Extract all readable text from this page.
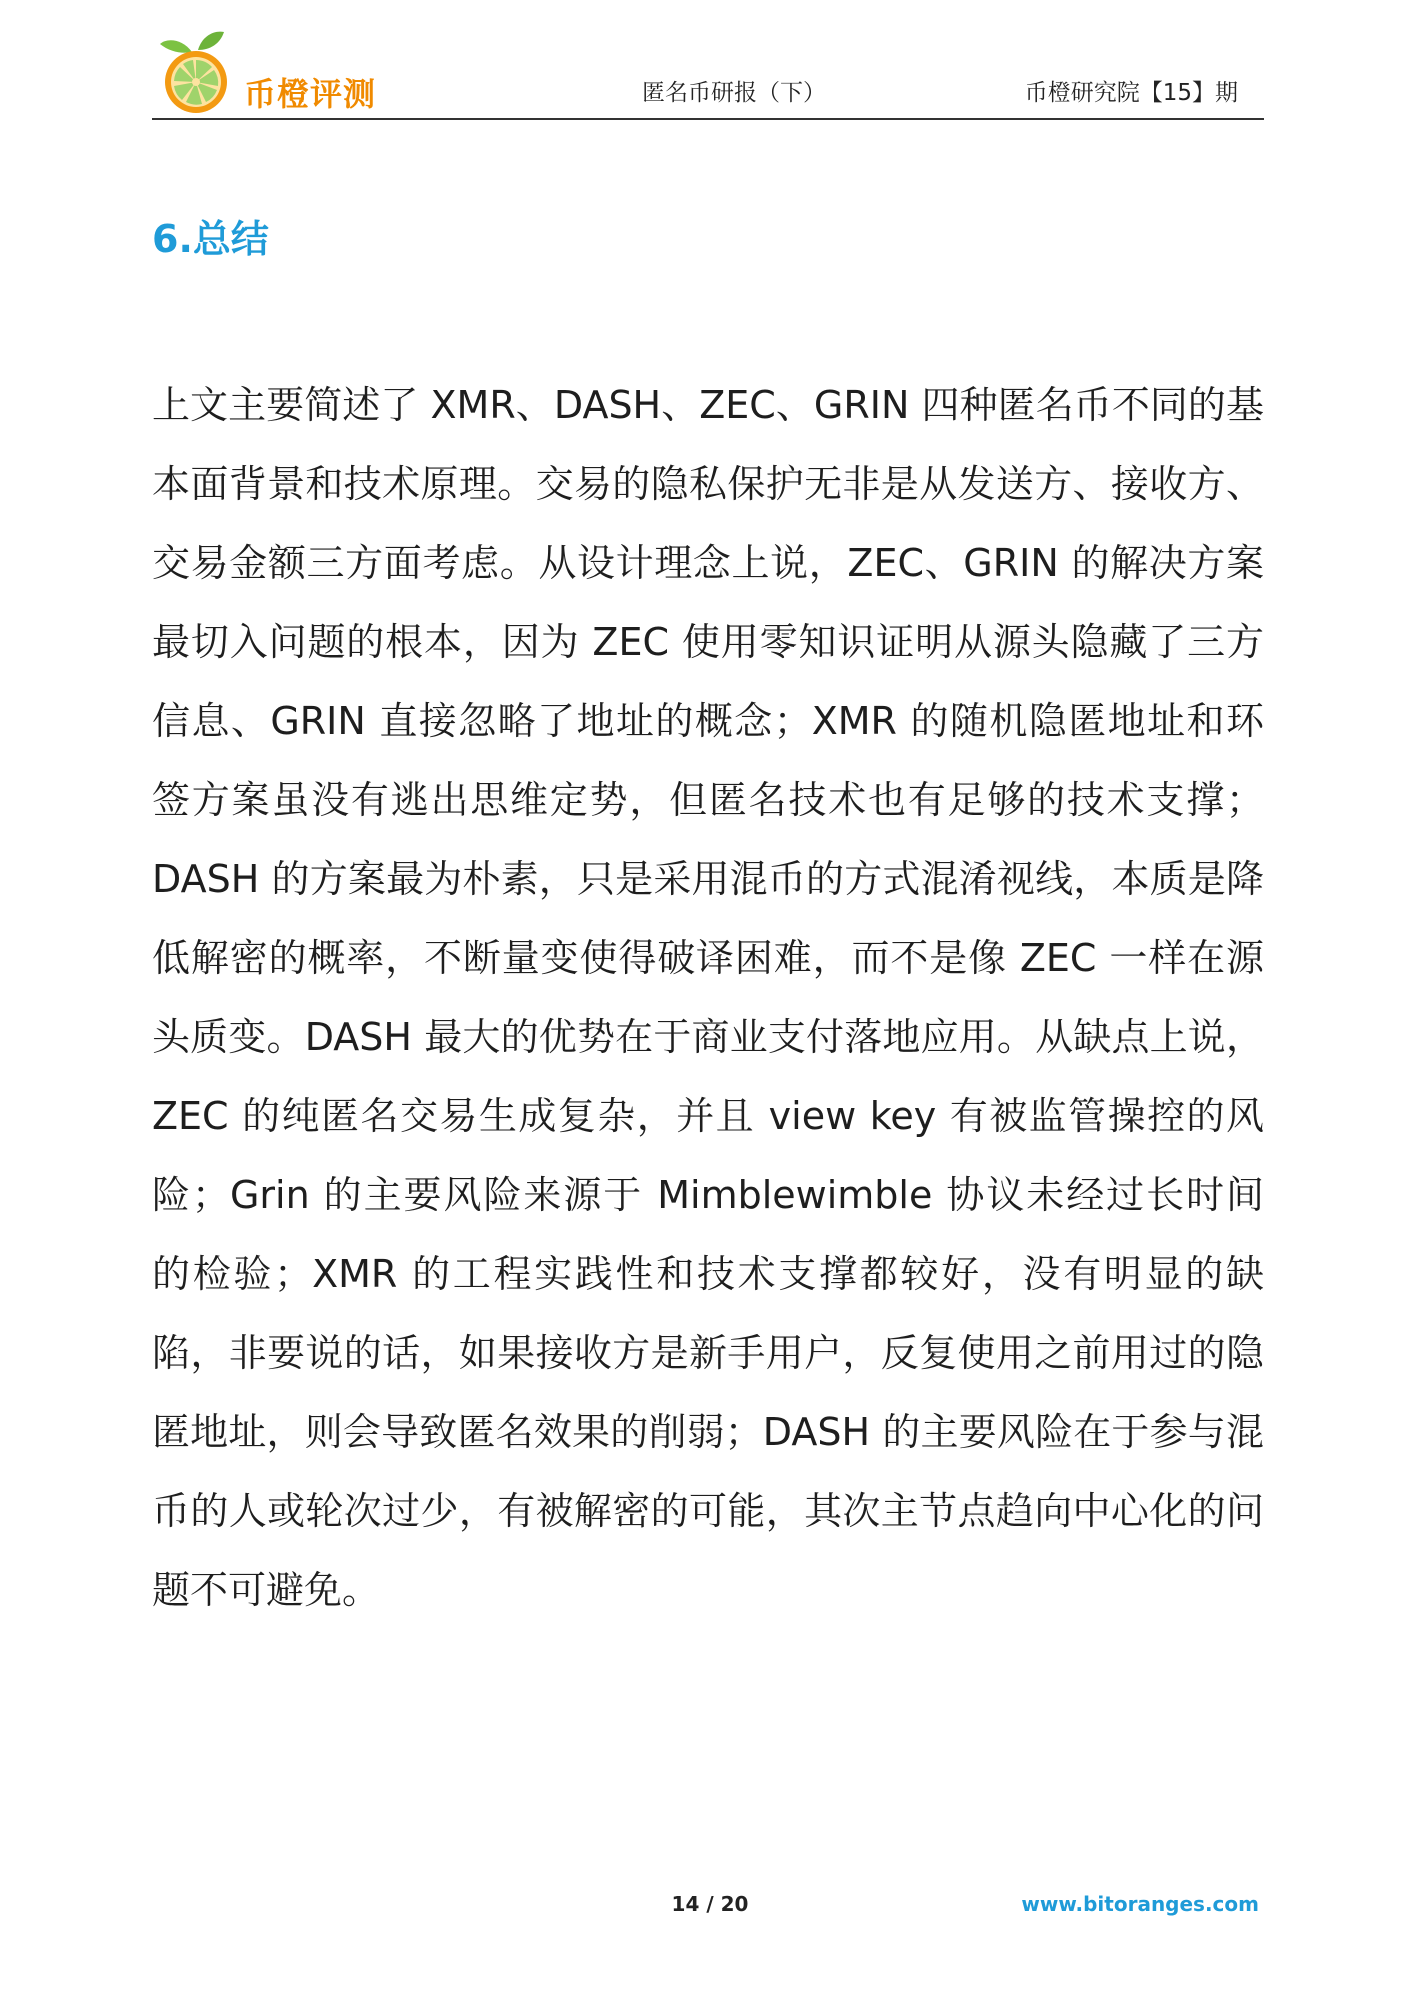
币橙评测	匿名币研报（下）	币橙研究院【15】期
6.总结

上文主要简述了 XMR、DASH、ZEC、GRIN 四种匿名币不同的基本面背景和技术原理。交易的隐私保护无非是从发送方、接收方、交易金额三方面考虑。从设计理念上说，ZEC、GRIN 的解决方案最切入问题的根本，因为 ZEC 使用零知识证明从源头隐藏了三方信息、GRIN 直接忽略了地址的概念；XMR 的随机隐匿地址和环签方案虽没有逃出思维定势，但匿名技术也有足够的技术支撑；DASH 的方案最为朴素，只是采用混币的方式混淆视线，本质是降低解密的概率，不断量变使得破译困难，而不是像 ZEC 一样在源头质变。DASH 最大的优势在于商业支付落地应用。从缺点上说，ZEC 的纯匿名交易生成复杂，并且 view key 有被监管操控的风险；Grin 的主要风险来源于 Mimblewimble 协议未经过长时间的检验；XMR 的工程实践性和技术支撑都较好，没有明显的缺陷，非要说的话，如果接收方是新手用户，反复使用之前用过的隐匿地址，则会导致匿名效果的削弱；DASH 的主要风险在于参与混币的人或轮次过少，有被解密的可能，其次主节点趋向中心化的问题不可避免。

14 / 20	www.bitoranges.com
